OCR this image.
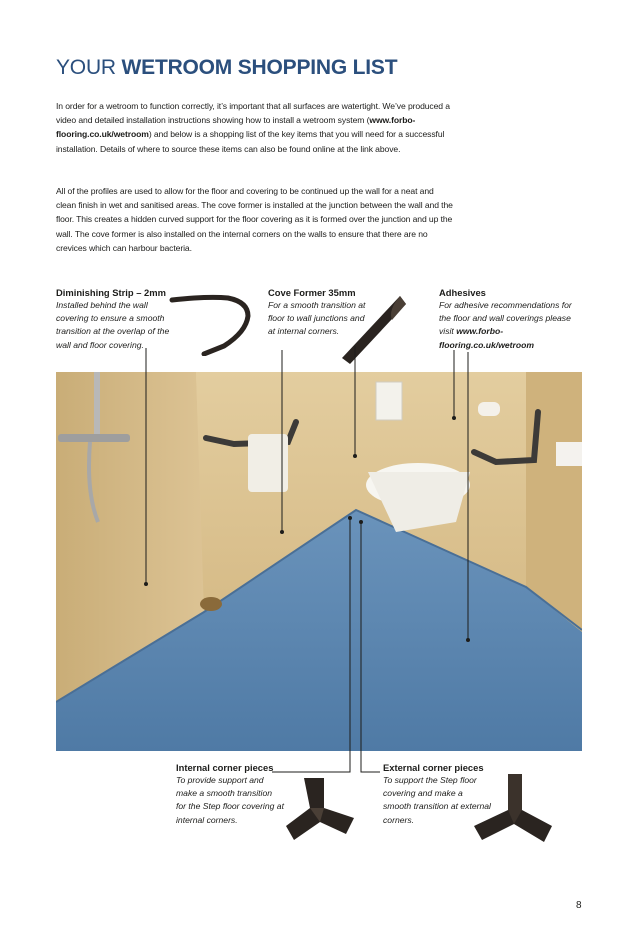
YOUR WETROOM SHOPPING LIST

In order for a wetroom to function correctly, it’s important that all surfaces are watertight. We’ve produced a video and detailed installation instructions showing how to install a wetroom system (www.forbo-flooring.co.uk/wetroom) and below is a shopping list of the key items that you will need for a successful installation. Details of where to source these items can also be found online at the link above.

All of the profiles are used to allow for the floor and covering to be continued up the wall for a neat and clean finish in wet and sanitised areas. The cove former is installed at the junction between the wall and the floor. This creates a hidden curved support for the floor covering as it is formed over the junction and up the wall. The cove former is also installed on the internal corners on the walls to ensure that there are no crevices which can harbour bacteria.

Diminishing Strip – 2mm
Installed behind the wall covering to ensure a smooth transition at the overlap of the wall and floor covering.
Cove Former 35mm
For a smooth transition at floor to wall junctions and at internal corners.
Adhesives
For adhesive recommendations for the floor and wall coverings please visit www.forbo-flooring.co.uk/wetroom
Internal corner pieces
To provide support and make a smooth transition for the Step floor covering at internal corners.
External corner pieces
To support the Step floor covering and make a smooth transition at external corners.
8
